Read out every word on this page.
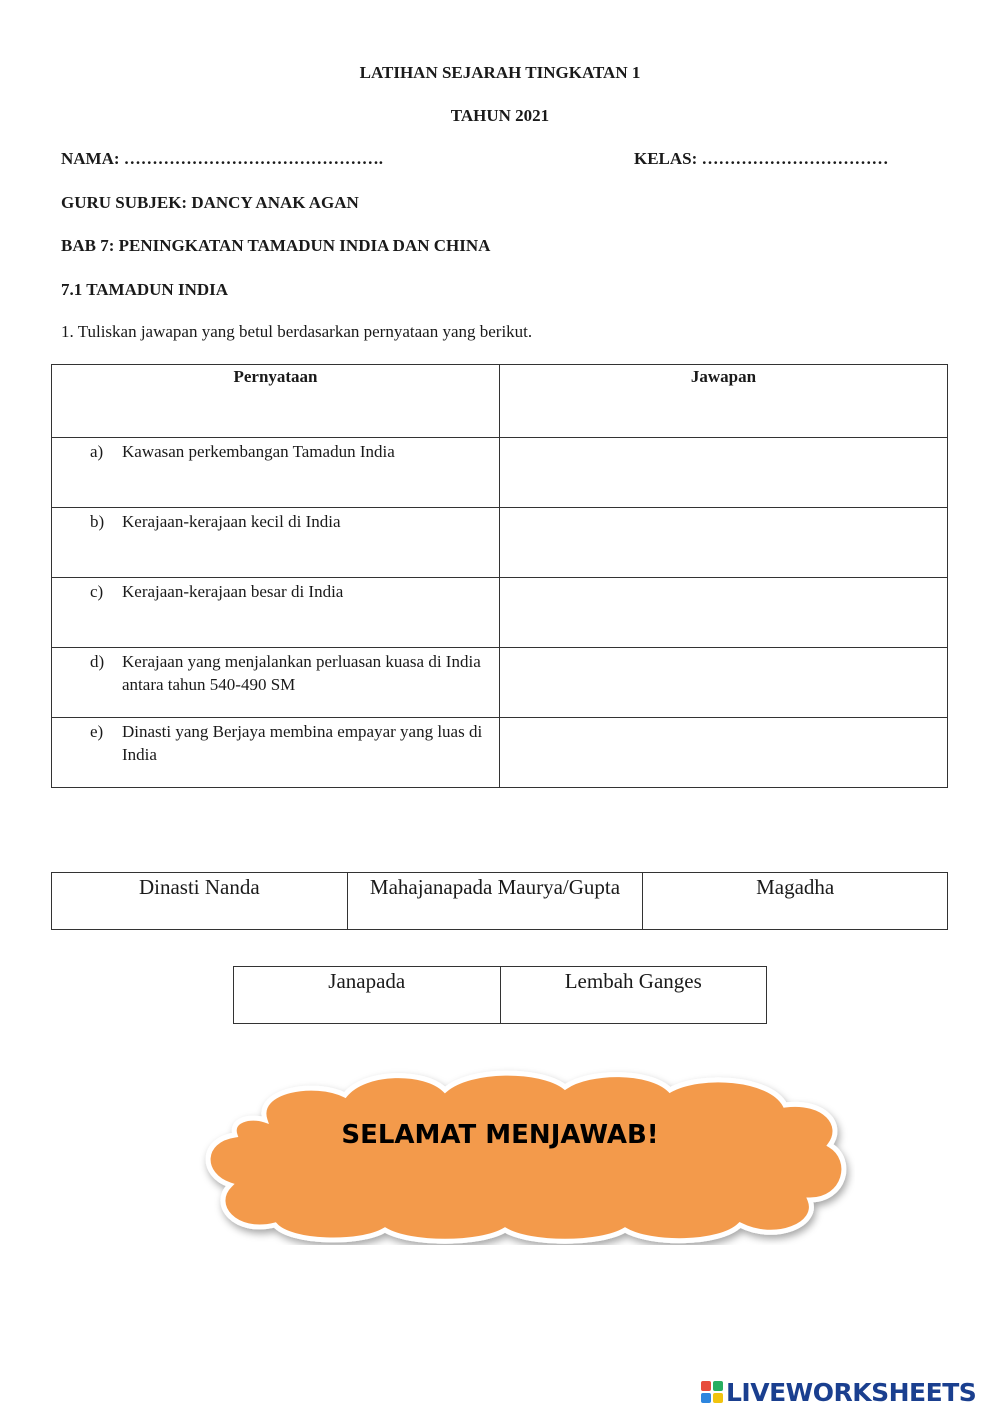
LATIHAN SEJARAH TINGKATAN 1
TAHUN 2021
NAMA: ……………………………………….	KELAS: ……………………………
GURU SUBJEK: DANCY ANAK AGAN
BAB 7: PENINGKATAN TAMADUN INDIA DAN CHINA
7.1 TAMADUN INDIA
1. Tuliskan jawapan yang betul berdasarkan pernyataan yang berikut.
Pernyataan	Jawapan

a) Kawasan perkembangan Tamadun India	

b) Kerajaan-kerajaan kecil di India	

c) Kerajaan-kerajaan besar di India	

d) Kerajaan yang menjalankan perluasan kuasa di India antara tahun 540-490 SM	

e) Dinasti yang Berjaya membina empayar yang luas di India	

Dinasti Nanda	Mahajanapada Maurya/Gupta	Magadha
Janapada	Lembah Ganges
SELAMAT MENJAWAB!
LIVEWORKSHEETS
